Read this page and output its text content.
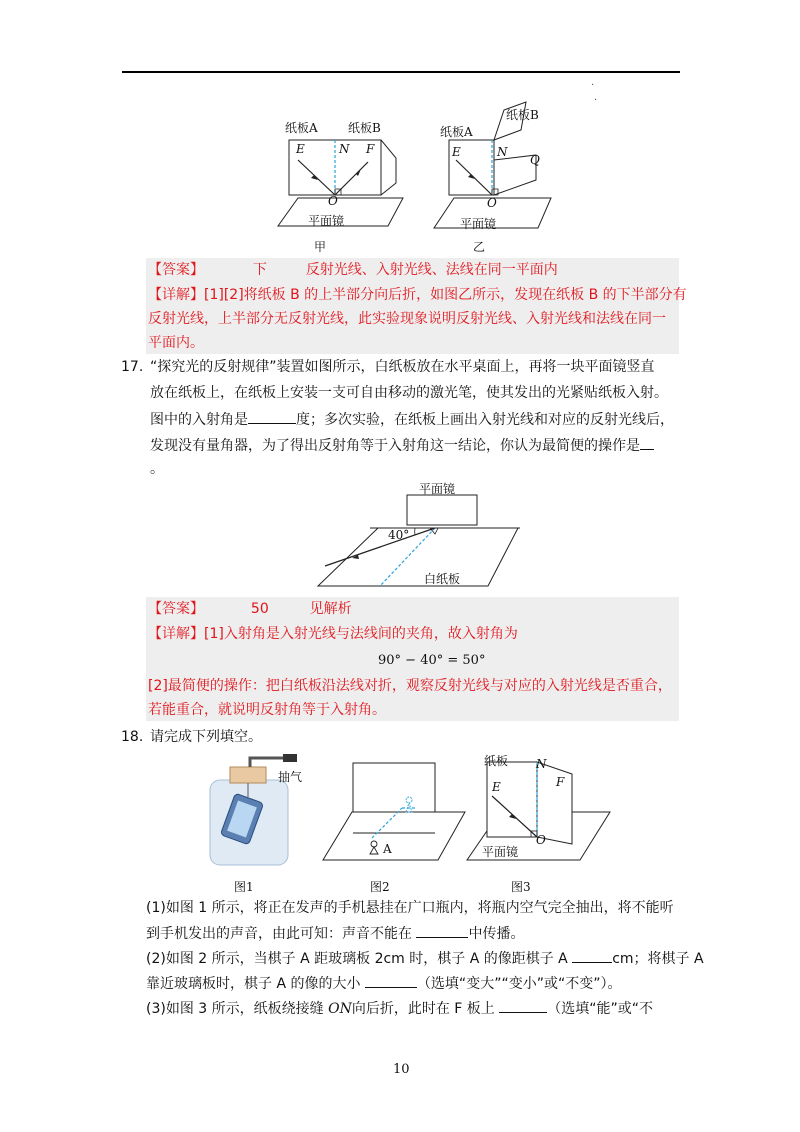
·
·
纸板A	纸板B
E	N F
O
平面镜
甲
纸板A
纸板B
E	N
Q
O
平面镜
乙
【答案】	下	反射光线、入射光线、法线在同一平面内
【详解】[1][2]将纸板 B 的上半部分向后折，如图乙所示，发现在纸板 B 的下半部分有
反射光线，上半部分无反射光线，此实验现象说明反射光线、入射光线和法线在同一
平面内。
17. “探究光的反射规律”装置如图所示，白纸板放在水平桌面上，再将一块平面镜竖直
放在纸板上，在纸板上安装一支可自由移动的激光笔，使其发出的光紧贴纸板入射。
图中的入射角是	度；多次实验，在纸板上画出入射光线和对应的反射光线后，
发现没有量角器，为了得出反射角等于入射角这一结论，你认为最简便的操作是
。
平面镜
40°
白纸板
【答案】	50	见解析
【详解】[1]入射角是入射光线与法线间的夹角，故入射角为
90° − 40° = 50°
[2]最简便的操作：把白纸板沿法线对折，观察反射光线与对应的入射光线是否重合，
若能重合，就说明反射角等于入射角。
18. 请完成下列填空。
抽气
图1
A
图2
纸板 N
E	F
O
平面镜
图3
(1)如图 1 所示，将正在发声的手机悬挂在广口瓶内，将瓶内空气完全抽出，将不能听
到手机发出的声音，由此可知：声音不能在	中传播。
(2)如图 2 所示，当棋子 A 距玻璃板 2cm 时，棋子 A 的像距棋子 A	cm；将棋子 A
靠近玻璃板时，棋子 A 的像的大小	（选填“变大”“变小”或“不变”）。
(3)如图 3 所示，纸板绕接缝 ON向后折，此时在 F 板上	（选填“能”或“不
10
